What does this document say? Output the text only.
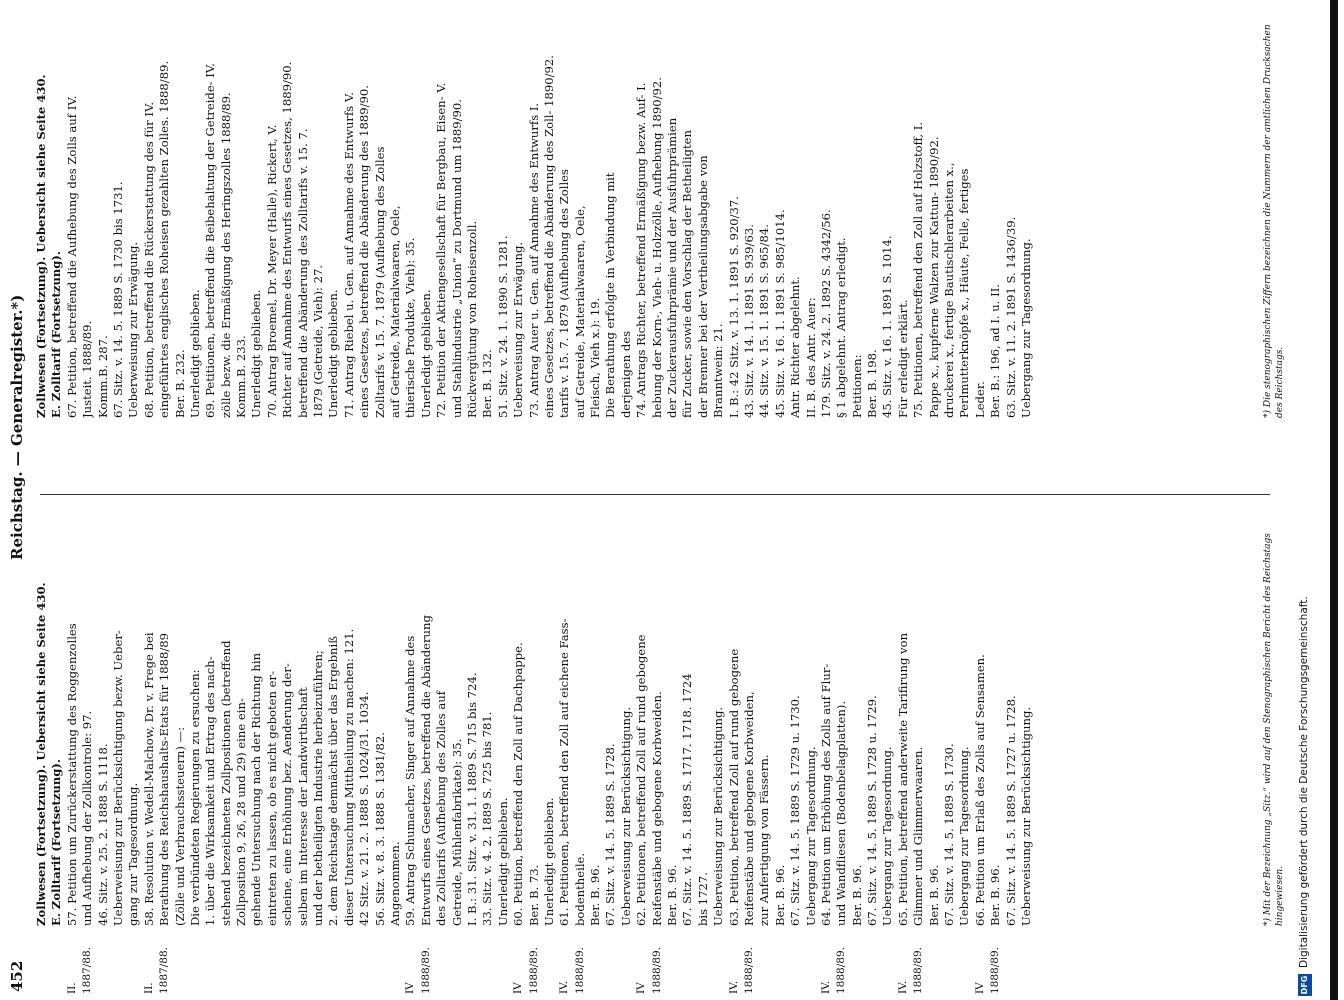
452
Reichstag. — Generalregister.*)
Zollwesen (Fortsetzung). Uebersicht siehe Seite 430. E. Zolltarif (Fortsetzung).
II.
57. Petition um Zurückerstattung des Roggenzolles
1887/88.
und Aufhebung der Zollkontrole: 97. 46. Sitz. v. 25. 2. 1888 S. 1118. Ueberweisung zur Berücksichtigung bezw. Ueber- gang zur Tagesordnung.
II.
58. Resolution v. Wedell-Malchow, Dr. v. Frege bei
1887/88.
Berathung des Reichshaushalts-Etats für 1888/89 (Zölle und Verbrauchssteuern) —: Die verbündeten Regierungen zu ersuchen: 1. über die Wirksamkeit und Ertrag des nach- stehend bezeichneten Zollpositionen (betreffend Zollposition 9, 26, 28 und 29) eine ein- gehende Untersuchung nach der Richtung hin eintreten zu lassen, ob es nicht geboten er- scheine, eine Erhöhung bez. Aenderung der- selben im Interesse der Landwirthschaft und der betheiligten Industrie herbeizuführen; 2. dem Reichstage demnächst über das Ergebniß dieser Untersuchung Mittheilung zu machen: 121. 42 Sitz. v. 21. 2. 1888 S. 1024/31. 1034. 56. Sitz. v. 8. 3. 1888 S. 1381/82. Angenommen.
IV
59. Antrag Schumacher, Singer auf Annahme des
1888/89.
Entwurfs eines Gesetzes, betreffend die Abänderung des Zolltarifs (Aufhebung des Zolles auf Getreide, Mühlenfabrikate): 35. I. B.: 31. Sitz. v. 31. 1. 1889 S. 715 bis 724. 33. Sitz. v. 4. 2. 1889 S. 725 bis 781. Unerledigt geblieben.
IV
60. Petition, betreffend den Zoll auf Dachpappe.
1888/89.
Ber. B. 73. Unerledigt geblieben.
IV.
61. Petitionen, betreffend den Zoll auf eichene Fass-
1888/89.
bodentheile. Ber. B. 96. 67. Sitz. v. 14. 5. 1889 S. 1728. Ueberweisung zur Berücksichtigung.
IV
62. Petitionen, betreffend Zoll auf rund gebogene
1888/89.
Reifenstäbe und gebogene Korbweiden. Ber. B. 96. 67. Sitz. v. 14. 5. 1889 S. 1717. 1718. 1724 bis 1727. Ueberweisung zur Berücksichtigung.
IV.
63. Petition, betreffend Zoll auf rund gebogene
1888/89.
Reifenstäbe und gebogene Korbweiden, zur Anfertigung von Fässern. Ber. B. 96. 67. Sitz. v. 14. 5. 1889 S. 1729 u. 1730. Uebergang zur Tagesordnung.
IV.
64. Petition um Erhöhung des Zolls auf Flur-
1888/89.
und Wandfliesen (Bodenbelagplatten). Ber. B. 96. 67. Sitz. v. 14. 5. 1889 S. 1728 u. 1729. Uebergang zur Tagesordnung.
IV.
65. Petition, betreffend anderweite Tarifirung von
1888/89.
Glimmer und Glimmerwaaren. Ber. B. 96. 67. Sitz. v. 14. 5. 1889 S. 1730. Uebergang zur Tagesordnung.
IV
66. Petition um Erlaß des Zolls auf Sensamen.
1888/89.
Ber. B. 96. 67. Sitz. v. 14. 5. 1889 S. 1727 u. 1728. Ueberweisung zur Berücksichtigung.
Zollwesen (Fortsetzung). Uebersicht siehe Seite 430. E. Zolltarif (Fortsetzung). 67. Petition, betreffend die Aufhebung des Zolls auf IV. Justeit. 1888/89. Komm.B. 287. 67. Sitz. v. 14. 5. 1889 S. 1730 bis 1731. Ueberweisung zur Erwägung. 68. Petition, betreffend die Rückerstattung des für IV. eingeführtes englisches Roheisen gezahlten Zolles. 1888/89. Ber. B. 232. Unerledigt geblieben. 69. Petitionen, betreffend die Beibehaltung der Getreide- IV. zölle bezw. die Ermäßigung des Heringszolles 1888/89. Komm.B. 233. Unerledigt geblieben. 70. Antrag Broemel, Dr. Meyer (Halle), Rickert, V. Richter auf Annahme des Entwurfs eines Gesetzes, 1889/90. betreffend die Abänderung des Zolltarifs v. 15. 7. 1879 (Getreide, Vieh): 27. Unerledigt geblieben. 71. Antrag Riebel u. Gen. auf Annahme des Entwurfs V. eines Gesetzes, betreffend die Abänderung des 1889/90. Zolltarifs v. 15. 7. 1879 (Aufhebung des Zolles auf Getreide, Materialwaaren, Oele, thierische Produkte, Vieh): 35. Unerledigt geblieben. 72. Petition der Aktiengesellschaft für Bergbau, Eisen- V. und Stahlindustrie „Union“ zu Dortmund um 1889/90. Rückvergütung von Roheisenzoll. Ber. B. 132. 51. Sitz. v. 24. 1. 1890 S. 1281. Ueberweisung zur Erwägung. 73. Antrag Auer u. Gen. auf Annahme des Entwurfs I. eines Gesetzes, betreffend die Abänderung des Zoll- 1890/92. tarifs v. 15. 7. 1879 (Aufhebung des Zolles auf Getreide, Materialwaaren, Oele, Fleisch, Vieh x.): 19. Die Berathung erfolgte in Verbindung mit derjenigen des 74. Antrags Richter, betreffend Ermäßigung bezw. Auf- I. hebung der Korn-, Vieh- u. Holzzölle, Aufhebung 1890/92. der Zuckerausfuhrprämie und der Ausfuhrprämien für Zucker, sowie den Vorschlag der Betheiligten der Brenner bei der Vertheilungsabgabe von Branntwein: 21. I. B.: 42 Sitz. v. 13. 1. 1891 S. 920/37. 43. Sitz. v. 14. 1. 1891 S. 939/63. 44. Sitz. v. 15. 1. 1891 S. 965/84. 45. Sitz. v. 16. 1. 1891 S. 985/1014. Antr. Richter abgelehnt. II. B. des Antr. Auer: 179. Sitz. v. 24. 2. 1892 S. 4342/56. § 1 abgelehnt. Antrag erledigt. Petitionen: Ber. B. 198. 45. Sitz. v. 16. 1. 1891 S. 1014. Für erledigt erklärt. 75. Petitionen, betreffend den Zoll auf Holzstoff, I. Pappe x., kupferne Walzen zur Kattun- 1890/92. druckerei x., fertige Bautischlerarbeiten x., Perlmutterknöpfe x., Häute, Felle, fertiges Leder. Ber. B.: 196, ad I. u. II. 63. Sitz. v. 11. 2. 1891 S. 1436/39. Uebergang zur Tagesordnung.
*) Mit der Bezeichnung „Sitz.“ wird auf den Stenographischen Bericht des Reichstags hingewiesen.
*) Die stenographischen Ziffern bezeichnen die Nummern der amtlichen Drucksachen des Reichstags.
DFG
Digitalisierung gefördert durch die Deutsche Forschungsgemeinschaft.
